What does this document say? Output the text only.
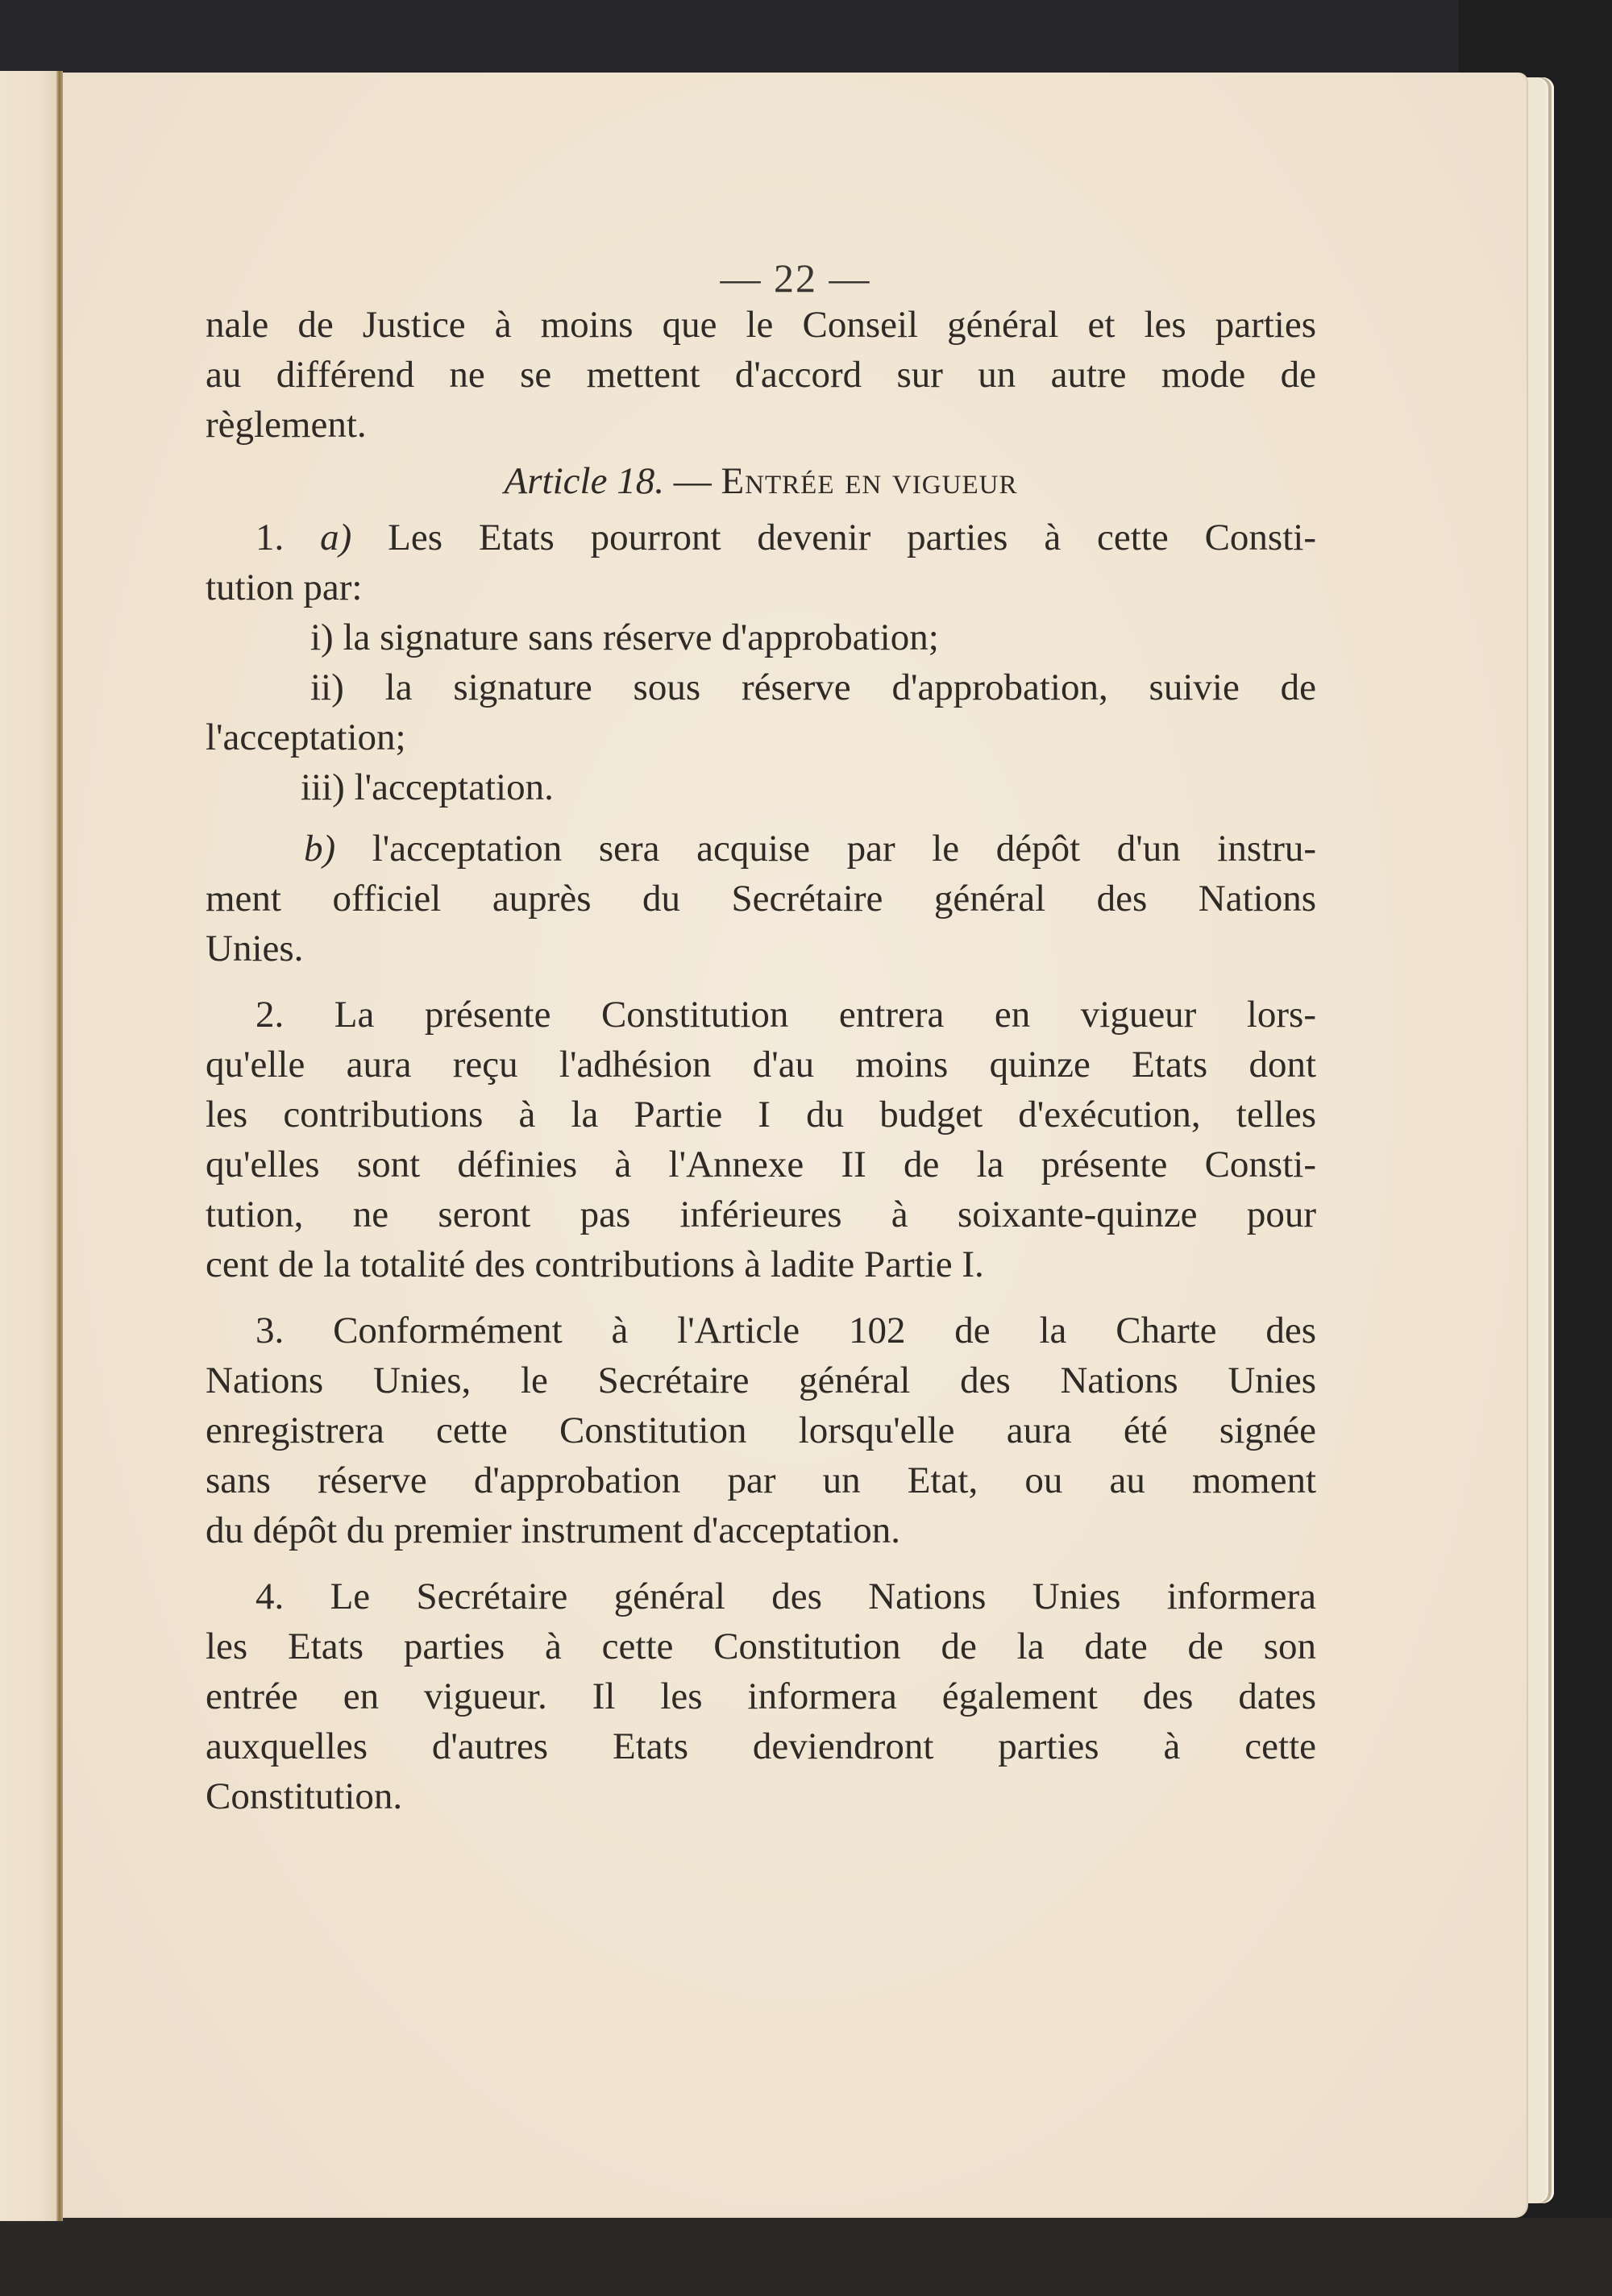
— 22 —
nale de Justice à moins que le Conseil général et les parties
au différend ne se mettent d'accord sur un autre mode de
règlement.
Article 18. — Entrée en vigueur
1. a) Les Etats pourront devenir parties à cette Consti-
tution par:
i) la signature sans réserve d'approbation;
ii) la signature sous réserve d'approbation, suivie de
l'acceptation;
iii) l'acceptation.
b) l'acceptation sera acquise par le dépôt d'un instru-
ment officiel auprès du Secrétaire général des Nations
Unies.
2. La présente Constitution entrera en vigueur lors-
qu'elle aura reçu l'adhésion d'au moins quinze Etats dont
les contributions à la Partie I du budget d'exécution, telles
qu'elles sont définies à l'Annexe II de la présente Consti-
tution, ne seront pas inférieures à soixante-quinze pour
cent de la totalité des contributions à ladite Partie I.
3. Conformément à l'Article 102 de la Charte des
Nations Unies, le Secrétaire général des Nations Unies
enregistrera cette Constitution lorsqu'elle aura été signée
sans réserve d'approbation par un Etat, ou au moment
du dépôt du premier instrument d'acceptation.
4. Le Secrétaire général des Nations Unies informera
les Etats parties à cette Constitution de la date de son
entrée en vigueur. Il les informera également des dates
auxquelles d'autres Etats deviendront parties à cette
Constitution.
